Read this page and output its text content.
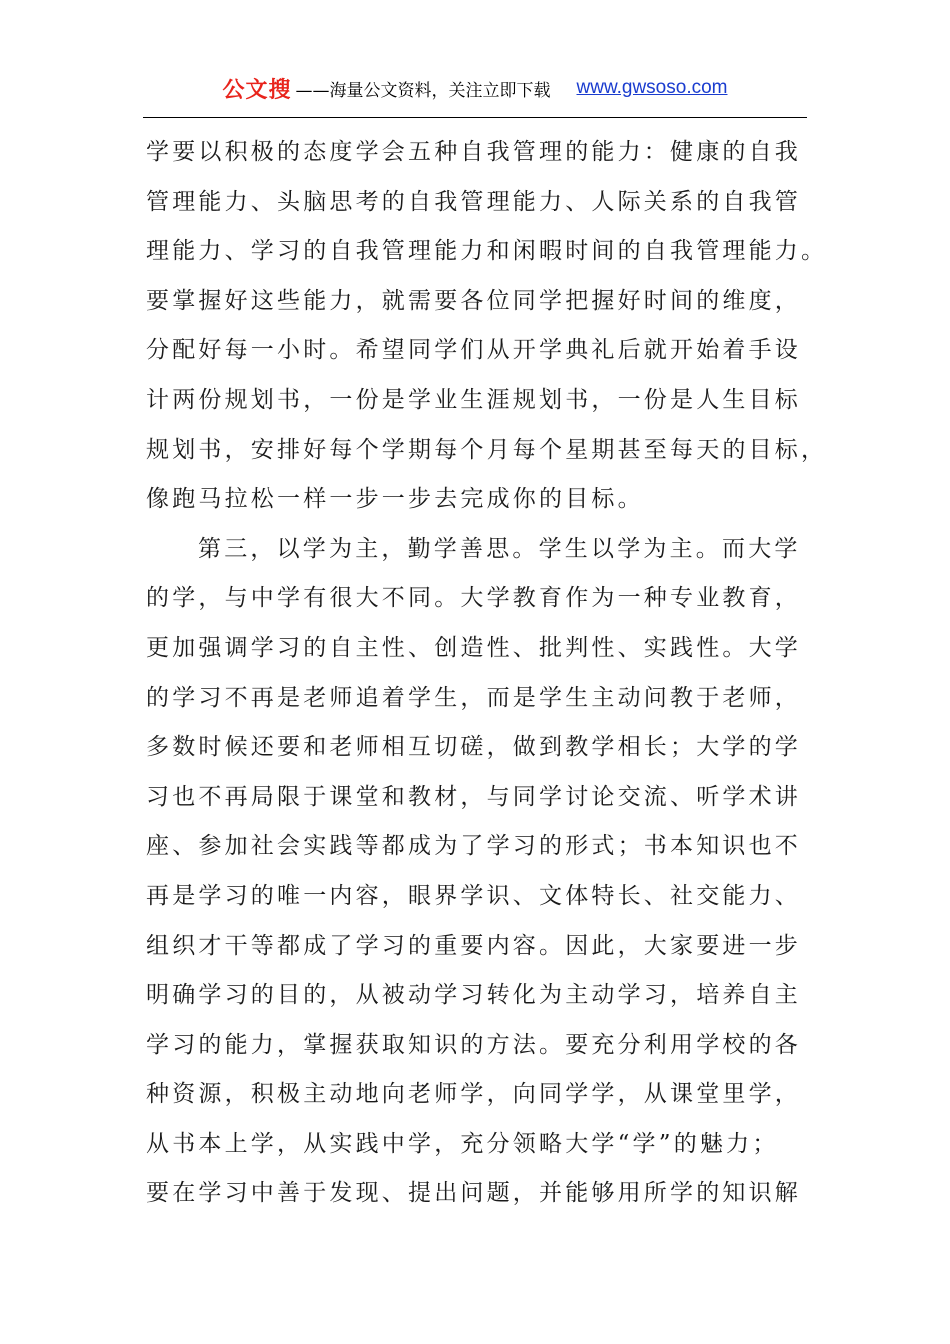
公文搜 ——海量公文资料，关注立即下载 www.gwsoso.com
学要以积极的态度学会五种自我管理的能力：健康的自我
管理能力、头脑思考的自我管理能力、人际关系的自我管
理能力、学习的自我管理能力和闲暇时间的自我管理能力。
要掌握好这些能力，就需要各位同学把握好时间的维度，
分配好每一小时。希望同学们从开学典礼后就开始着手设
计两份规划书，一份是学业生涯规划书，一份是人生目标
规划书，安排好每个学期每个月每个星期甚至每天的目标，
像跑马拉松一样一步一步去完成你的目标。
第三，以学为主，勤学善思。学生以学为主。而大学
的学，与中学有很大不同。大学教育作为一种专业教育，
更加强调学习的自主性、创造性、批判性、实践性。大学
的学习不再是老师追着学生，而是学生主动问教于老师，
多数时候还要和老师相互切磋，做到教学相长；大学的学
习也不再局限于课堂和教材，与同学讨论交流、听学术讲
座、参加社会实践等都成为了学习的形式；书本知识也不
再是学习的唯一内容，眼界学识、文体特长、社交能力、
组织才干等都成了学习的重要内容。因此，大家要进一步
明确学习的目的，从被动学习转化为主动学习，培养自主
学习的能力，掌握获取知识的方法。要充分利用学校的各
种资源，积极主动地向老师学，向同学学，从课堂里学，
从书本上学，从实践中学，充分领略大学“学”的魅力；
要在学习中善于发现、提出问题，并能够用所学的知识解
